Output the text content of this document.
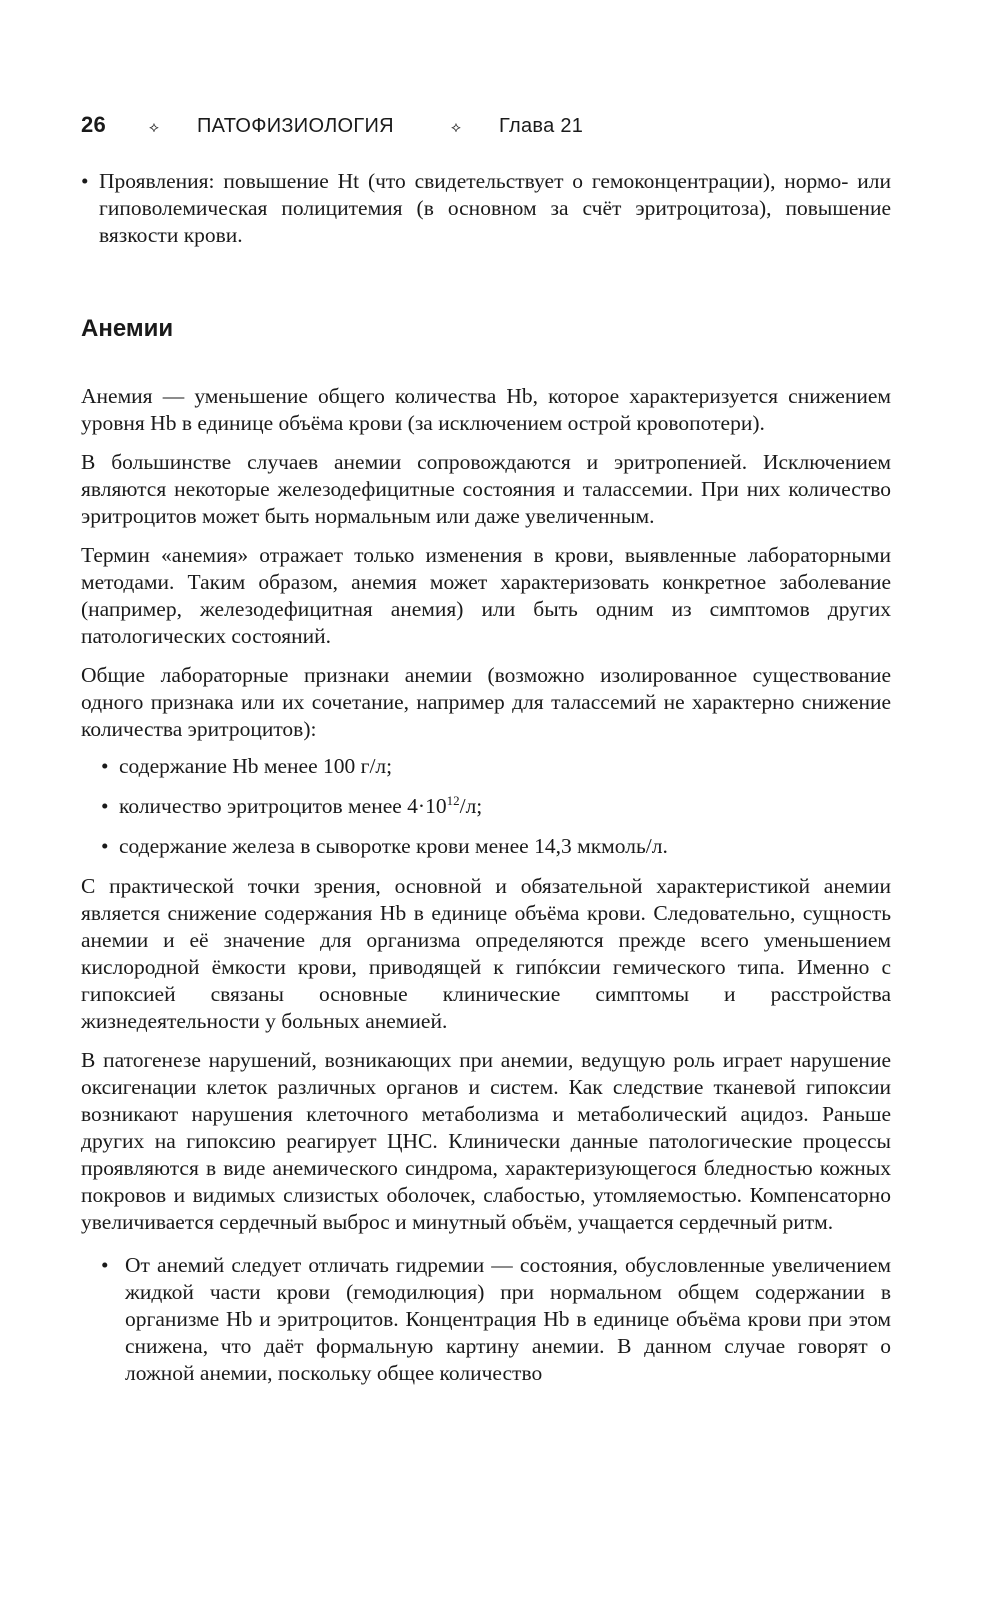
26	⟡	ПАТОФИЗИОЛОГИЯ	⟡	Глава 21
• Проявления: повышение Ht (что свидетельствует о гемоконцентрации), нормо- или гиповолемическая полицитемия (в основном за счёт эритроцитоза), повышение вязкости крови.
Анемии

Анемия — уменьшение общего количества Hb, которое характеризуется снижением уровня Hb в единице объёма крови (за исключением острой кровопотери).

В большинстве случаев анемии сопровождаются и эритропенией. Исключением являются некоторые железодефицитные состояния и талассемии. При них количество эритроцитов может быть нормальным или даже увеличенным.

Термин «анемия» отражает только изменения в крови, выявленные лабораторными методами. Таким образом, анемия может характеризовать конкретное заболевание (например, железодефицитная анемия) или быть одним из симптомов других патологических состояний.

Общие лабораторные признаки анемии (возможно изолированное существование одного признака или их сочетание, например для талассемий не характерно снижение количества эритроцитов):

• содержание Hb менее 100 г/л;
• количество эритроцитов менее $4\cdot 10^{12}/л$;
• содержание железа в сыворотке крови менее 14,3 мкмоль/л.

С практической точки зрения, основной и обязательной характеристикой анемии является снижение содержания Hb в единице объёма крови. Следовательно, сущность анемии и её значение для организма определяются прежде всего уменьшением кислородной ёмкости крови, приводящей к гипóксии гемического типа. Именно с гипоксией связаны основные клинические симптомы и расстройства жизнедеятельности у больных анемией.

В патогенезе нарушений, возникающих при анемии, ведущую роль играет нарушение оксигенации клеток различных органов и систем. Как следствие тканевой гипоксии возникают нарушения клеточного метаболизма и метаболический ацидоз. Раньше других на гипоксию реагирует ЦНС. Клинически данные патологические процессы проявляются в виде анемического синдрома, характеризующегося бледностью кожных покровов и видимых слизистых оболочек, слабостью, утомляемостью. Компенсаторно увеличивается сердечный выброс и минутный объём, учащается сердечный ритм.

• От анемий следует отличать гидремии — состояния, обусловленные увеличением жидкой части крови (гемодилюция) при нормальном общем содержании в организме Hb и эритроцитов. Концентрация Hb в единице объёма крови при этом снижена, что даёт формальную картину анемии. В данном случае говорят о ложной анемии, поскольку общее количество
